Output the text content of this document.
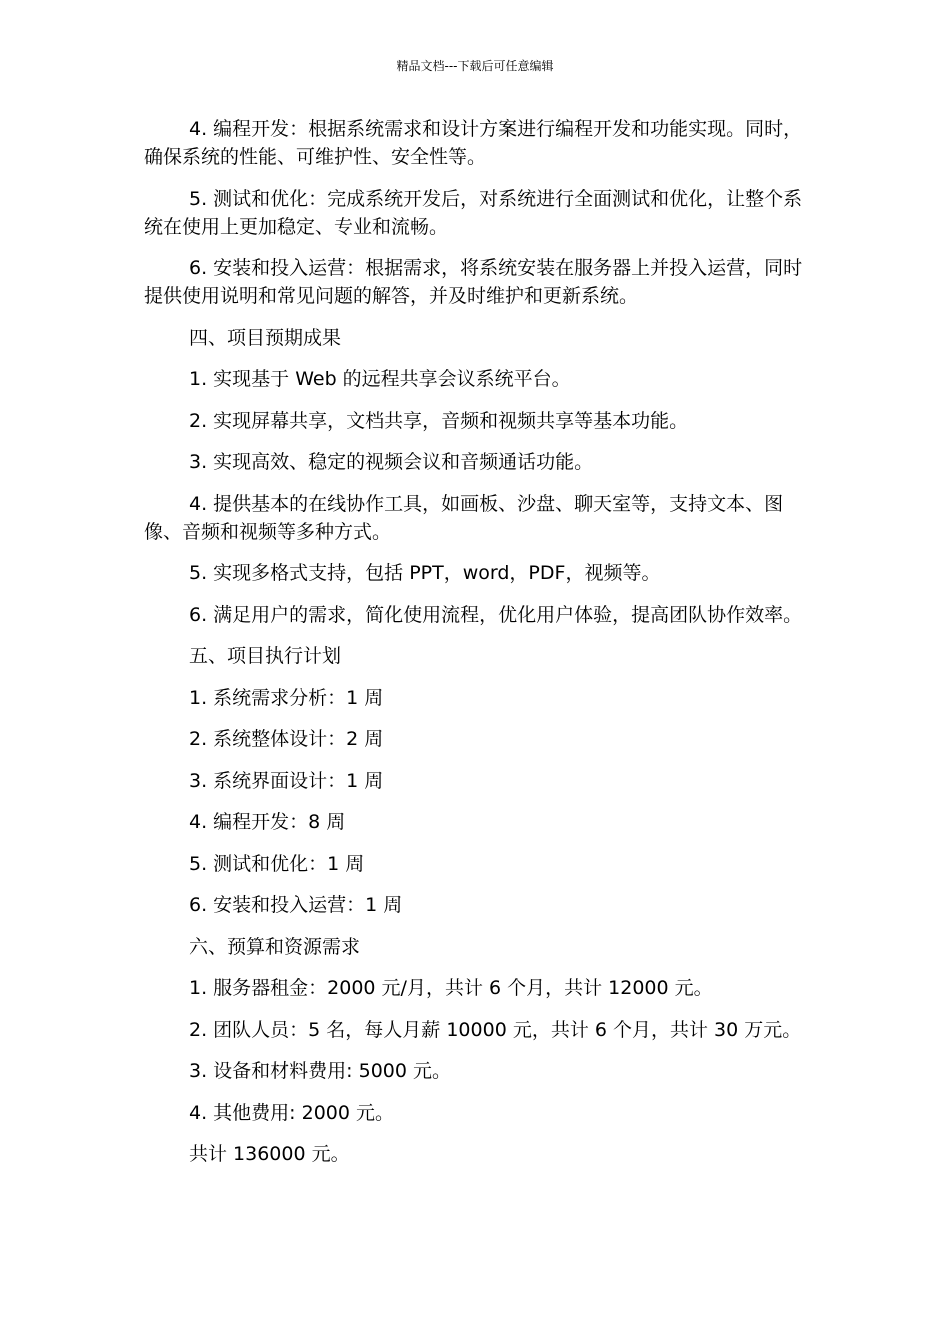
精品文档---下载后可任意编辑

4. 编程开发：根据系统需求和设计方案进行编程开发和功能实现。同时，确保系统的性能、可维护性、安全性等。

5. 测试和优化：完成系统开发后，对系统进行全面测试和优化，让整个系统在使用上更加稳定、专业和流畅。

6. 安装和投入运营：根据需求，将系统安装在服务器上并投入运营，同时提供使用说明和常见问题的解答，并及时维护和更新系统。

四、项目预期成果

1. 实现基于 Web 的远程共享会议系统平台。

2. 实现屏幕共享，文档共享，音频和视频共享等基本功能。

3. 实现高效、稳定的视频会议和音频通话功能。

4. 提供基本的在线协作工具，如画板、沙盘、聊天室等，支持文本、图像、音频和视频等多种方式。

5. 实现多格式支持，包括 PPT，word，PDF，视频等。

6. 满足用户的需求，简化使用流程，优化用户体验，提高团队协作效率。

五、项目执行计划

1. 系统需求分析：1 周

2. 系统整体设计：2 周

3. 系统界面设计：1 周

4. 编程开发：8 周

5. 测试和优化：1 周

6. 安装和投入运营：1 周

六、预算和资源需求

1. 服务器租金：2000 元/月，共计 6 个月，共计 12000 元。

2. 团队人员：5 名，每人月薪 10000 元，共计 6 个月，共计 30 万元。

3. 设备和材料费用: 5000 元。

4. 其他费用: 2000 元。

共计 136000 元。
